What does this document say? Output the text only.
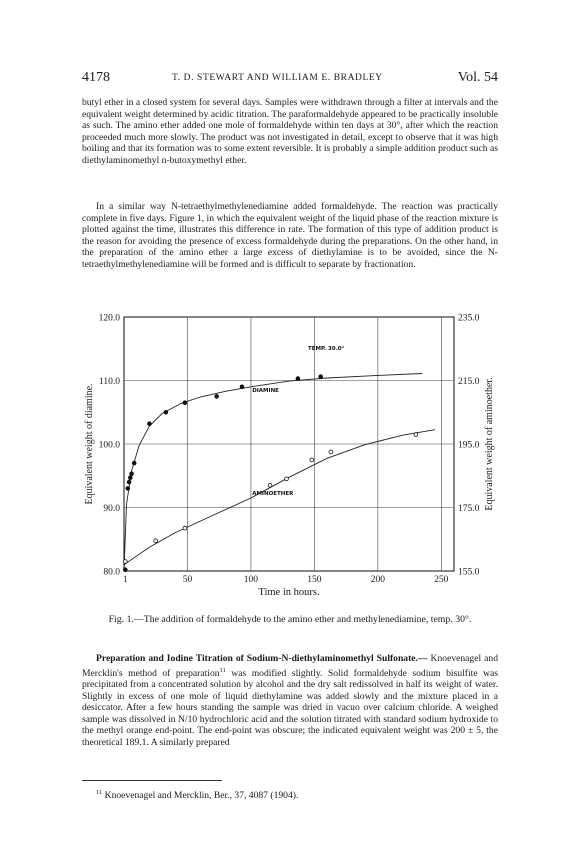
4178	T. D. STEWART AND WILLIAM E. BRADLEY	Vol. 54

butyl ether in a closed system for several days. Samples were withdrawn through a filter at intervals and the equivalent weight determined by acidic titration. The paraformaldehyde appeared to be practically insoluble as such. The amino ether added one mole of formaldehyde within ten days at 30°, after which the reaction proceeded much more slowly. The product was not investigated in detail, except to observe that it was high boiling and that its formation was to some extent reversible. It is probably a simple addition product such as diethylaminomethyl n-butoxymethyl ether.

In a similar way N-tetraethylmethylenediamine added formaldehyde. The reaction was practically complete in five days. Figure 1, in which the equivalent weight of the liquid phase of the reaction mixture is plotted against the time, illustrates this difference in rate. The formation of this type of addition product is the reason for avoiding the presence of excess formaldehyde during the preparations. On the other hand, in the preparation of the amino ether a large excess of diethylamine is to be avoided, since the N-tetraethylmethylenediamine will be formed and is difficult to separate by fractionation.

80.0
90.0
100.0
110.0
120.0
155.0
175.0
195.0
215.0
235.0
1	50	100	150	200	250
DIAMINE
AMINOETHER
TEMP. 30.0°
Time in hours.
Equivalent weight of diamine.	Equivalent weight of aminoether.

Fig. 1.—The addition of formaldehyde to the amino ether and methylenediamine, temp. 30°.

Preparation and Iodine Titration of Sodium-N-diethylaminomethyl Sulfonate.— Knoevenagel and Mercklin's method of preparation$^{11}$ was modified slightly. Solid formaldehyde sodium bisulfite was precipitated from a concentrated solution by alcohol and the dry salt redissolved in half its weight of water. Slightly in excess of one mole of liquid diethylamine was added slowly and the mixture placed in a desiccator. After a few hours standing the sample was dried in vacuo over calcium chloride. A weighed sample was dissolved in N/10 hydrochloric acid and the solution titrated with standard sodium hydroxide to the methyl orange end-point. The end-point was obscure; the indicated equivalent weight was 200 ± 5, the theoretical 189.1. A similarly prepared

$^{11}$ Knoevenagel and Mercklin, Ber., 37, 4087 (1904).
